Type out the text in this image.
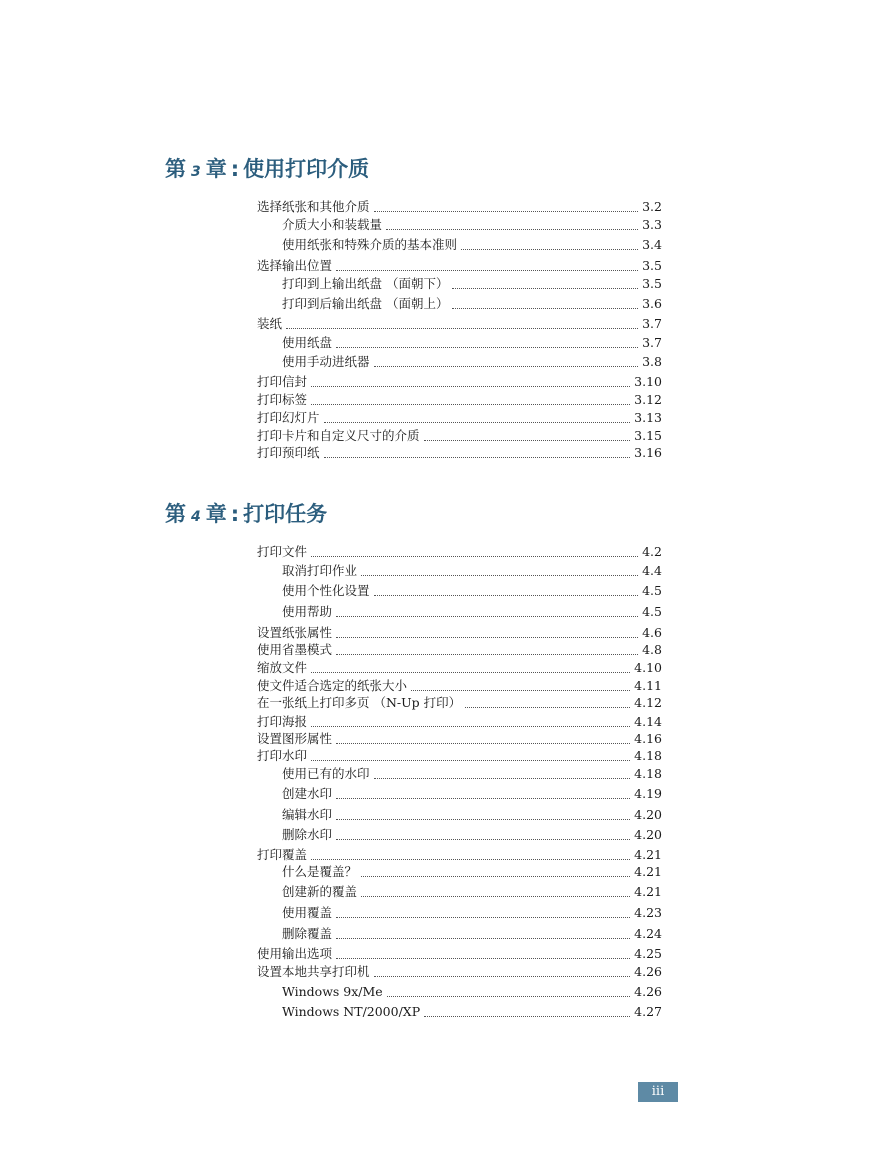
第 3 章 : 使用打印介质
选择纸张和其他介质	3.2
介质大小和装载量	3.3
使用纸张和特殊介质的基本准则	3.4
选择输出位置	3.5
打印到上输出纸盘 （面朝下）	3.5
打印到后输出纸盘 （面朝上）	3.6
装纸	3.7
使用纸盘	3.7
使用手动进纸器	3.8
打印信封	3.10
打印标签	3.12
打印幻灯片	3.13
打印卡片和自定义尺寸的介质	3.15
打印预印纸	3.16
第 4 章 : 打印任务
打印文件	4.2
取消打印作业	4.4
使用个性化设置	4.5
使用帮助	4.5
设置纸张属性	4.6
使用省墨模式	4.8
缩放文件	4.10
使文件适合选定的纸张大小	4.11
在一张纸上打印多页 （N-Up 打印）	4.12
打印海报	4.14
设置图形属性	4.16
打印水印	4.18
使用已有的水印	4.18
创建水印	4.19
编辑水印	4.20
删除水印	4.20
打印覆盖	4.21
什么是覆盖？	4.21
创建新的覆盖	4.21
使用覆盖	4.23
删除覆盖	4.24
使用输出选项	4.25
设置本地共享打印机	4.26
Windows 9x/Me	4.26
Windows NT/2000/XP	4.27
iii
